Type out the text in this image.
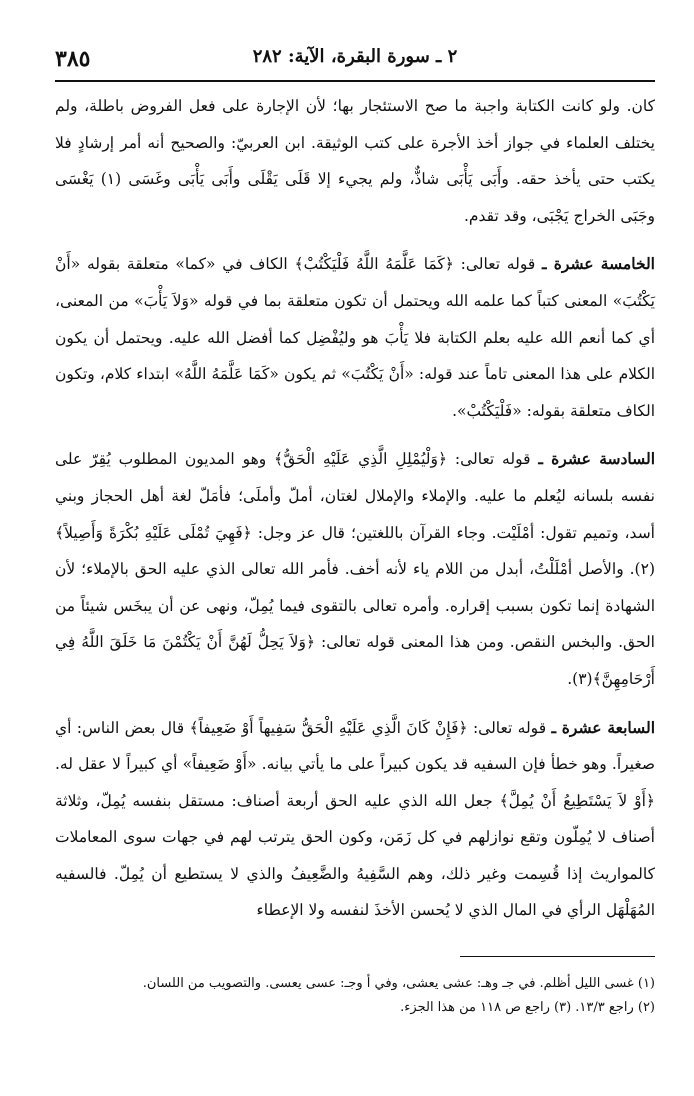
٣٨٥	٢ ـ سورة البقرة، الآية: ٢٨٢

كان. ولو كانت الكتابة واجبة ما صح الاستئجار بها؛ لأن الإجارة على فعل الفروض باطلة، ولم يختلف العلماء في جواز أخذ الأجرة على كتب الوثيقة. ابن العربيّ: والصحيح أنه أمر إرشادٍ فلا يكتب حتى يأخذ حقه. وأَبَى يَأْبَى شاذٌّ، ولم يجيء إلا قَلَى يَقْلَى وأَبَى يَأْبَى وغَسَى (١) يَغْسَى وجَبَى الخراج يَجْبَى، وقد تقدم.

الخامسة عشرة ـ قوله تعالى: ﴿كَمَا عَلَّمَهُ اللَّهُ فَلْيَكْتُبْ﴾ الكاف في «كما» متعلقة بقوله «أَنْ يَكْتُبَ» المعنى كتباً كما علمه الله ويحتمل أن تكون متعلقة بما في قوله «وَلاَ يَأْبَ» من المعنى، أي كما أنعم الله عليه بعلم الكتابة فلا يَأْبَ هو وليُفْضِل كما أفضل الله عليه. ويحتمل أن يكون الكلام على هذا المعنى تاماً عند قوله: «أَنْ يَكْتُبَ» ثم يكون «كَمَا عَلَّمَهُ اللَّهُ» ابتداء كلام، وتكون الكاف متعلقة بقوله: «فَلْيَكْتُبْ».

السادسة عشرة ـ قوله تعالى: ﴿وَلْيُمْلِلِ الَّذِي عَلَيْهِ الْحَقُّ﴾ وهو المديون المطلوب يُقِرّ على نفسه بلسانه ليُعلم ما عليه. والإملاء والإملال لغتان، أملّ وأملَى؛ فأمَلّ لغة أهل الحجاز وبني أسد، وتميم تقول: أمْلَيْت. وجاء القرآن باللغتين؛ قال عز وجل: ﴿فَهِيَ تُمْلَى عَلَيْهِ بُكْرَةً وَأَصِيلاً﴾(٢). والأصل أمْلَلْتُ، أبدل من اللام ياء لأنه أخف. فأمر الله تعالى الذي عليه الحق بالإملاء؛ لأن الشهادة إنما تكون بسبب إقراره. وأمره تعالى بالتقوى فيما يُمِلّ، ونهى عن أن يبخَس شيئاً من الحق. والبخس النقص. ومن هذا المعنى قوله تعالى: ﴿وَلاَ يَحِلُّ لَهُنَّ أَنْ يَكْتُمْنَ مَا خَلَقَ اللَّهُ فِي أَرْحَامِهِنَّ﴾(٣).

السابعة عشرة ـ قوله تعالى: ﴿فَإِنْ كَانَ الَّذِي عَلَيْهِ الْحَقُّ سَفِيهاً أَوْ ضَعِيفاً﴾ قال بعض الناس: أي صغيراً. وهو خطأ فإن السفيه قد يكون كبيراً على ما يأتي بيانه. «أَوْ ضَعِيفاً» أي كبيراً لا عقل له. ﴿أَوْ لاَ يَسْتَطِيعُ أَنْ يُمِلَّ﴾ جعل الله الذي عليه الحق أربعة أصناف: مستقل بنفسه يُمِلّ، وثلاثة أصناف لا يُمِلّون وتقع نوازلهم في كل زَمَن، وكون الحق يترتب لهم في جهات سوى المعاملات كالمواريث إذا قُسِمت وغير ذلك، وهم السَّفِيهُ والضَّعِيفُ والذي لا يستطيع أن يُمِلّ. فالسفيه المُهَلْهَل الرأي في المال الذي لا يُحسن الأخذَ لنفسه ولا الإعطاء

(١) غسى الليل أظلم. في جـ وهـ: عشى يعشى، وفي أ وجـ: عسى يعسى. والتصويب من اللسان.

(٢) راجع ١٣/٣. (٣) راجع ص ١١٨ من هذا الجزء.
